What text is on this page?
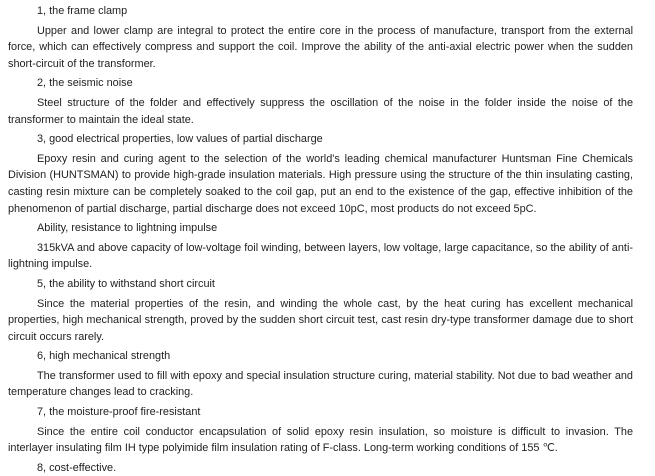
1, the frame clamp

Upper and lower clamp are integral to protect the entire core in the process of manufacture, transport from the external force, which can effectively compress and support the coil. Improve the ability of the anti-axial electric power when the sudden short-circuit of the transformer.

2, the seismic noise

Steel structure of the folder and effectively suppress the oscillation of the noise in the folder inside the noise of the transformer to maintain the ideal state.

3, good electrical properties, low values of partial discharge

Epoxy resin and curing agent to the selection of the world's leading chemical manufacturer Huntsman Fine Chemicals Division (HUNTSMAN) to provide high-grade insulation materials. High pressure using the structure of the thin insulating casting, casting resin mixture can be completely soaked to the coil gap, put an end to the existence of the gap, effective inhibition of the phenomenon of partial discharge, partial discharge does not exceed 10pC, most products do not exceed 5pC.

Ability, resistance to lightning impulse

315kVA and above capacity of low-voltage foil winding, between layers, low voltage, large capacitance, so the ability of anti-lightning impulse.

5, the ability to withstand short circuit

Since the material properties of the resin, and winding the whole cast, by the heat curing has excellent mechanical properties, high mechanical strength, proved by the sudden short circuit test, cast resin dry-type transformer damage due to short circuit occurs rarely.

6, high mechanical strength

The transformer used to fill with epoxy and special insulation structure curing, material stability. Not due to bad weather and temperature changes lead to cracking.

7, the moisture-proof fire-resistant

Since the entire coil conductor encapsulation of solid epoxy resin insulation, so moisture is difficult to invasion. The interlayer insulating film IH type polyimide film insulation rating of F-class. Long-term working conditions of 155 ℃.

8, cost-effective.
